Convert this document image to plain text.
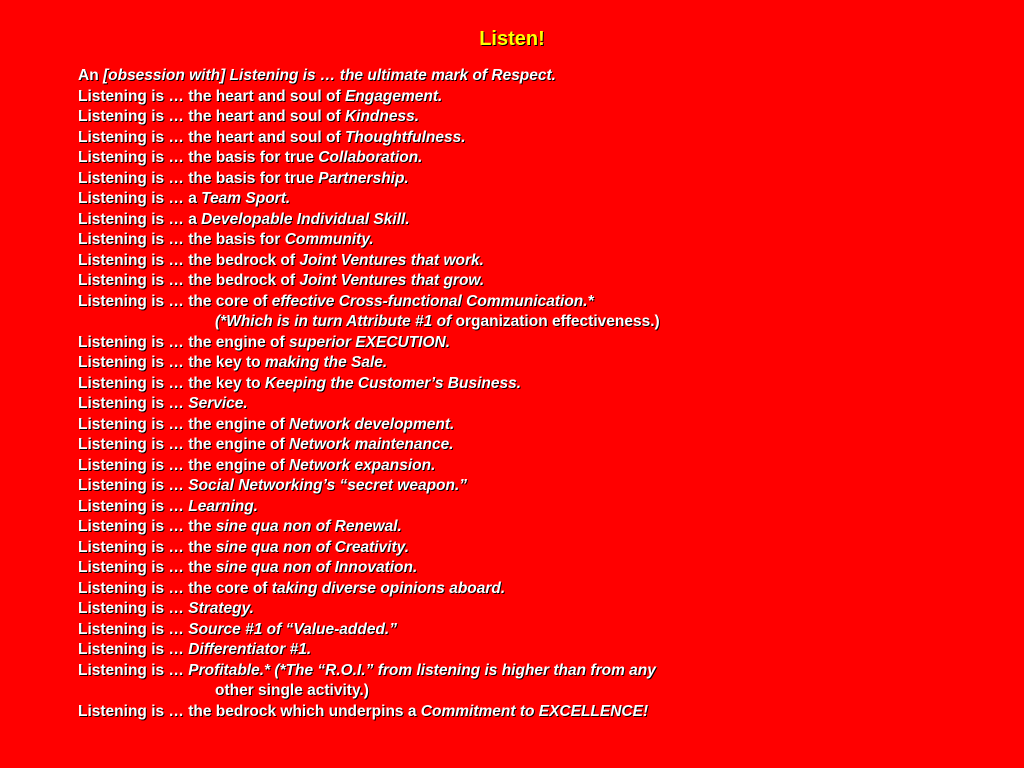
Listen!
An [obsession with] Listening is … the ultimate mark of Respect.
Listening is … the heart and soul of Engagement.
Listening is … the heart and soul of Kindness.
Listening is … the heart and soul of Thoughtfulness.
Listening is … the basis for true Collaboration.
Listening is … the basis for true Partnership.
Listening is … a Team Sport.
Listening is … a Developable Individual Skill.
Listening is … the basis for Community.
Listening is … the bedrock of Joint Ventures that work.
Listening is … the bedrock of Joint Ventures that grow.
Listening is … the core of effective Cross-functional Communication.*
(*Which is in turn Attribute #1 of organization effectiveness.)
Listening is … the engine of superior EXECUTION.
Listening is … the key to making the Sale.
Listening is … the key to Keeping the Customer’s Business.
Listening is … Service.
Listening is … the engine of Network development.
Listening is … the engine of Network maintenance.
Listening is … the engine of Network expansion.
Listening is … Social Networking’s “secret weapon.”
Listening is … Learning.
Listening is … the sine qua non of Renewal.
Listening is … the sine qua non of Creativity.
Listening is … the sine qua non of Innovation.
Listening is … the core of taking diverse opinions aboard.
Listening is … Strategy.
Listening is … Source #1 of “Value-added.”
Listening is … Differentiator #1.
Listening is … Profitable.* (*The “R.O.I.” from listening is higher than from any
other single activity.)
Listening is … the bedrock which underpins a Commitment to EXCELLENCE!
